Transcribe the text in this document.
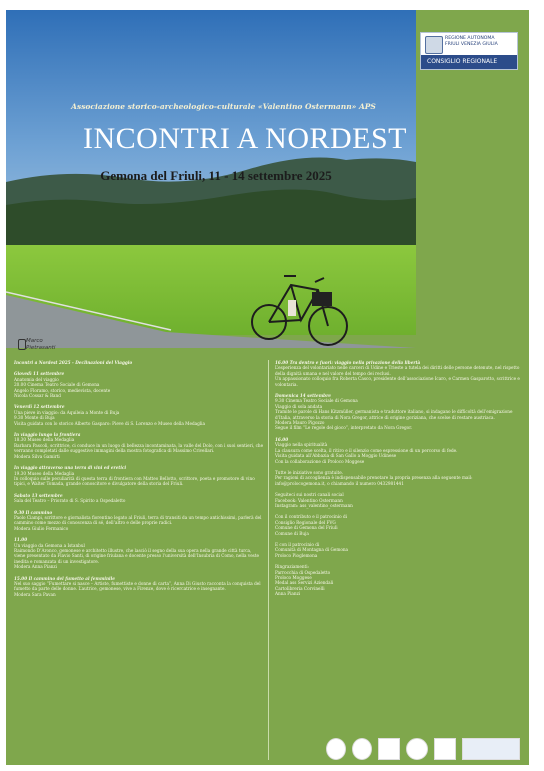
Associazione storico-archeologico-culturale «Valentino Ostermann» APS
INCONTRI A NORDEST
Gemona del Friuli, 11 - 14 settembre 2025
REGIONE AUTONOMA
FRIULI VENEZIA GIULIA
CONSIGLIO REGIONALE
Marco
Pietrasanti

Incontri a Nordest 2025 - Declinazioni del Viaggio

Giovedì 11 settembre

Anatomia del viaggio

20.00 Cinema Teatro Sociale di Gemona

Angelo Floramo, storico, medievista, docente

Nicola Cossar & Band

Venerdì 12 settembre

Una pieve in viaggio: da Aquileia a Monte di Buja

9.30 Monte di Buja

Visita guidata con lo storico Alberto Gasparo: Pieve di S. Lorenzo e Museo della Medaglia

In viaggio lungo la frontiera

18.30 Museo della Medaglia

Barbara Pascoli, scrittrice, ci conduce in un luogo di bellezza incontaminata, la valle del Dolo, con i suoi sentieri, che verranno completati dalle suggestive immagini della mostra fotografica di Massimo Crivellari.

Modera Silva Gamirti

In viaggio attraverso una terra di vini ed eretici

19.30 Museo della Medaglia

In colloquio sulle peculiarità di questa terra di frontiera con Matteo Bellotto, scrittore, poeta e promotore di vino tipici, e Walter Tomada, grande conoscitore e divulgatore della storia del Friuli.

Sabato 13 settembre

Sala del Teatro – Priorato di S. Spirito a Ospedaletto

9.30 Il cammino

Paolo Ciampi, scrittore e giornalista fiorentino legato al Friuli, terra di transiti da un tempo antichissimi, parlerà del cammino come mezzo di conoscenza di sé, dell’altro e delle proprie radici.

Modera Giulio Fermanico

11.00

Un viaggio da Gemona a Istanbul

Raimondo D’Aronco, gemonese e architetto illustre, che lasciò il segno della sua opera nella grande città turca, viene presentato da Flavio Santi, di origine friulana e docente presso l’università dell’Insubria di Como, nella veste inedita e romanzata di un investigatore.

Modera Anna Pianzi

15.00 Il cammino del fumetto al femminile

Nel suo saggio “Fumettare si nasce – Artiste, fumettiste e donne di carta”, Anna Di Giusto racconta la conquista del fumetto da parte delle donne. L’autrice, gemonese, vive a Firenze, dove è ricercatrice e insegnante.

Modera Sara Pavan

16.00 Tra dentro e fuori: viaggio nella privazione della libertà

L’esperienza del volontariato nelle carceri di Udine e Trieste a tutela dei diritti delle persone detenute, nel rispetto della dignità umana e nel valore del tempo dei reclusi.

Un appassionato colloquio fra Roberta Casco, presidente dell’associazione Icaro, e Carmen Gasparotto, scrittrice e volontaria.

Domenica 14 settembre

9.30 Cinema Teatro Sociale di Gemona

Viaggio di sola andata

Tramite le parole di Hans Kitzmüller, germanista e traduttore italiano, si indagano le difficoltà dell’emigrazione d’Italia, attraverso la storia di Nora Gregor, attrice di origine goriziana, che scelse di restare austriaca.

Modera Mauro Pigozzo

Segue il film “Le regole del gioco”, interpretato da Nora Gregor.

16.00

Viaggio nella spiritualità

La clausura come scelta, il ritiro e il silenzio come espressione di un percorso di fede.

Visita guidata all’Abbazia di San Gallo a Moggio Udinese

Con la collaborazione di Proloco Moggese

Tutte le iniziative sono gratuite.

Per ragioni di accoglienza è indispensabile prenotare la propria presenza alla seguente mail: info@prolocogemona.it, o chiamando il numero 0432981441

Seguiteci sui nostri canali social

Facebook: Valentino Ostermann

Instagram: ass_valentino_ostermann

Con il contributo e il patrocinio di

Consiglio Regionale del FVG

Comune di Gemona del Friuli

Comune di Buja

E con il patrocinio di

Comunità di Montagna di Gemona

Proloco Pioglemona

Ringraziamenti:

Parrocchia di Ospedaletto

Proloco Moggese

Medal ass Servizi Aziendali

Cartolibreria Corvinelli

Anna Pianzi
